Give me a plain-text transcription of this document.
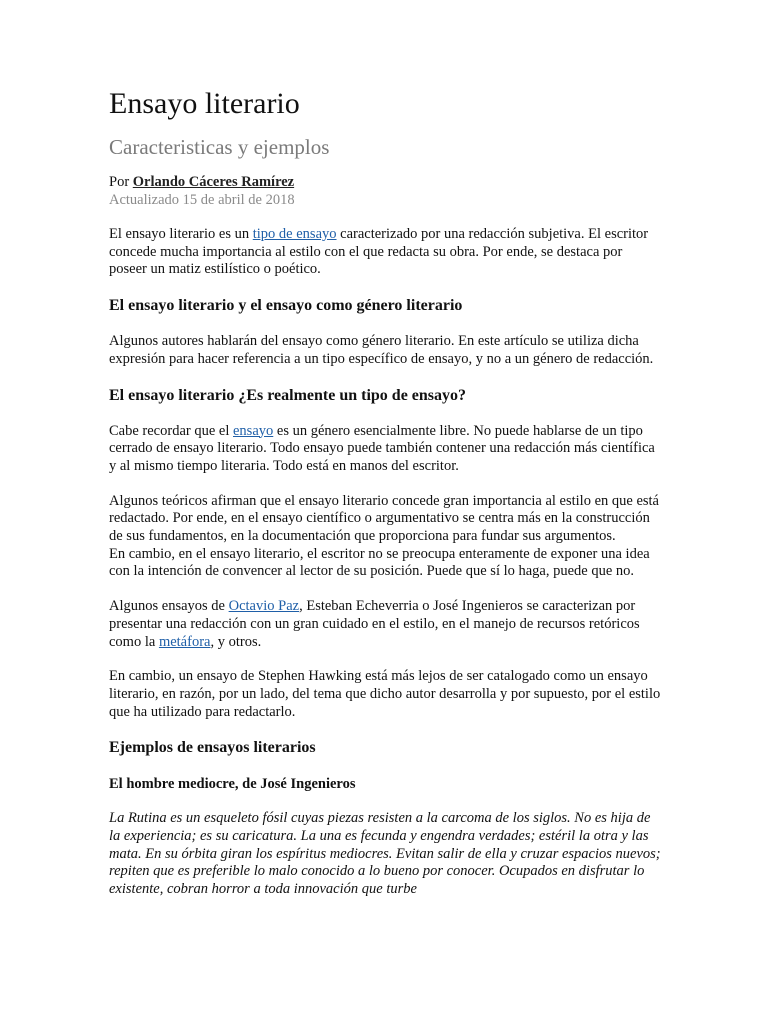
Ensayo literario
Caracteristicas y ejemplos

Por Orlando Cáceres Ramírez

Actualizado 15 de abril de 2018

El ensayo literario es un tipo de ensayo caracterizado por una redacción subjetiva. El escritor concede mucha importancia al estilo con el que redacta su obra. Por ende, se destaca por poseer un matiz estilístico o poético.

El ensayo literario y el ensayo como género literario

Algunos autores hablarán del ensayo como género literario. En este artículo se utiliza dicha expresión para hacer referencia a un tipo específico de ensayo, y no a un género de redacción.

El ensayo literario ¿Es realmente un tipo de ensayo?

Cabe recordar que el ensayo es un género esencialmente libre. No puede hablarse de un tipo cerrado de ensayo literario. Todo ensayo puede también contener una redacción más científica y al mismo tiempo literaria. Todo está en manos del escritor.

Algunos teóricos afirman que el ensayo literario concede gran importancia al estilo en que está redactado. Por ende, en el ensayo científico o argumentativo se centra más en la construcción de sus fundamentos, en la documentación que proporciona para fundar sus argumentos.

En cambio, en el ensayo literario, el escritor no se preocupa enteramente de exponer una idea con la intención de convencer al lector de su posición. Puede que sí lo haga, puede que no.

Algunos ensayos de Octavio Paz, Esteban Echeverria o José Ingenieros se caracterizan por presentar una redacción con un gran cuidado en el estilo, en el manejo de recursos retóricos como la metáfora, y otros.

En cambio, un ensayo de Stephen Hawking está más lejos de ser catalogado como un ensayo literario, en razón, por un lado, del tema que dicho autor desarrolla y por supuesto, por el estilo que ha utilizado para redactarlo.

Ejemplos de ensayos literarios
El hombre mediocre, de José Ingenieros
La Rutina es un esqueleto fósil cuyas piezas resisten a la carcoma de los siglos. No es hija de la experiencia; es su caricatura. La una es fecunda y engendra verdades; estéril la otra y las mata. En su órbita giran los espíritus mediocres. Evitan salir de ella y cruzar espacios nuevos; repiten que es preferible lo malo conocido a lo bueno por conocer. Ocupados en disfrutar lo existente, cobran horror a toda innovación que turbe
